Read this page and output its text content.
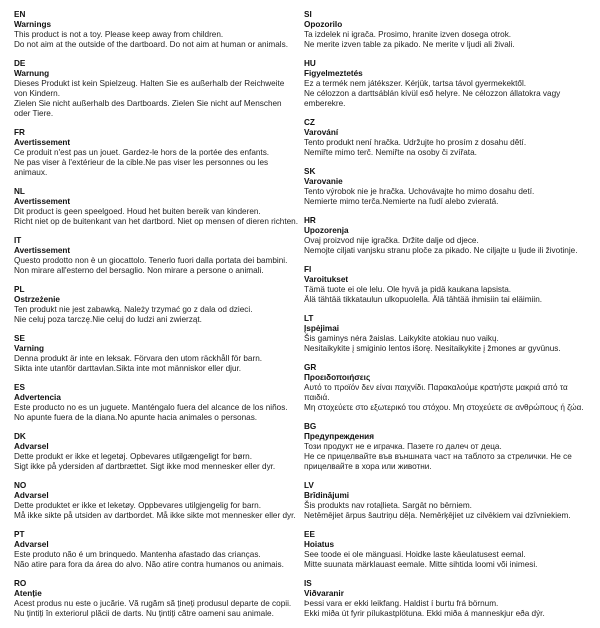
EN
Warnings
This product is not a toy. Please keep away from children.
Do not aim at the outside of the dartboard. Do not aim at human or animals.
DE
Warnung
Dieses Produkt ist kein Spielzeug. Halten Sie es außerhalb der Reichweite von Kindern.
Zielen Sie nicht außerhalb des Dartboards. Zielen Sie nicht auf Menschen oder Tiere.
FR
Avertissement
Ce produit n'est pas un jouet. Gardez-le hors de la portée des enfants.
Ne pas viser à l'extérieur de la cible.Ne pas viser les personnes ou les animaux.
NL
Avertissement
Dit product is geen speelgoed. Houd het buiten bereik van kinderen.
Richt niet op de buitenkant van het dartbord. Niet op mensen of dieren richten.
IT
Avertissement
Questo prodotto non è un giocattolo. Tenerlo fuori dalla portata dei bambini.
Non mirare all'esterno del bersaglio. Non mirare a persone o animali.
PL
Ostrzeżenie
Ten produkt nie jest zabawką. Należy trzymać go z dala od dzieci.
Nie celuj poza tarczę.Nie celuj do ludzi ani zwierząt.
SE
Varning
Denna produkt är inte en leksak. Förvara den utom räckhåll för barn.
Sikta inte utanför darttavlan.Sikta inte mot människor eller djur.
ES
Advertencia
Este producto no es un juguete. Manténgalo fuera del alcance de los niños.
No apunte fuera de la diana.No apunte hacia animales o personas.
DK
Advarsel
Dette produkt er ikke et legetøj. Opbevares utilgængeligt for børn.
Sigt ikke på ydersiden af dartbrættet. Sigt ikke mod mennesker eller dyr.
NO
Advarsel
Dette produktet er ikke et leketøy. Oppbevares utilgjengelig for barn.
Må ikke sikte på utsiden av dartbordet. Må ikke sikte mot mennesker eller dyr.
PT
Advarsel
Este produto não é um brinquedo. Mantenha afastado das crianças.
Não atire para fora da área do alvo. Não atire contra humanos ou animais.
RO
Atenție
Acest produs nu este o jucărie. Vă rugăm să țineți produsul departe de copii.
Nu țintiți în exteriorul plăcii de darts. Nu țintiți către oameni sau animale.
SI
Opozorilo
Ta izdelek ni igrača. Prosimo, hranite izven dosega otrok.
Ne merite izven table za pikado. Ne merite v ljudi ali živali.
HU
Figyelmeztetés
Ez a termék nem játékszer. Kérjük, tartsa távol gyermekektől.
Ne célozzon a darttsáblán kívül eső helyre. Ne célozzon állatokra vagy emberekre.
CZ
Varování
Tento produkt není hračka. Udržujte ho prosím z dosahu dětí.
Nemiřte mimo terč. Nemiřte na osoby či zvířata.
SK
Varovanie
Tento výrobok nie je hračka. Uchovávajte ho mimo dosahu detí.
Nemierte mimo terča.Nemierte na ľudí alebo zvieratá.
HR
Upozorenja
Ovaj proizvod nije igračka. Držite dalje od djece.
Nemojte ciljati vanjsku stranu ploče za pikado. Ne ciljajte u ljude ili životinje.
FI
Varoitukset
Tämä tuote ei ole lelu. Ole hyvä ja pidä kaukana lapsista.
Älä tähtää tikkataulun ulkopuolella. Älä tähtää ihmisiin tai eläimiin.
LT
Įspėjimai
Šis gaminys nėra žaislas. Laikykite atokiau nuo vaikų.
Nesitaikykite į smiginio lentos išorę. Nesitaikykite į žmones ar gyvūnus.
GR
Προειδοποιήσεις
Αυτό το προϊόν δεν είναι παιχνίδι. Παρακαλούμε κρατήστε μακριά από τα παιδιά.
Μη στοχεύετε στο εξωτερικό του στόχου. Μη στοχεύετε σε ανθρώπους ή ζώα.
BG
Предупреждения
Този продукт не е играчка. Пазете го далеч от деца.
Не се прицелвайте във външната част на таблото за стрелички. Не се прицелвайте в хора или животни.
LV
Brīdinājumi
Šis produkts nav rotaļlieta. Sargāt no bērniem.
Netēmējiet ārpus šautriņu dēļa. Nemērķējiet uz cilvēkiem vai dzīvniekiem.
EE
Hoiatus
See toode ei ole mänguasi. Hoidke laste käeulatusest eemal.
Mitte suunata märklauast eemale. Mitte sihtida loomi või inimesi.
IS
Viðvaranir
Þessi vara er ekki leikfang. Haldist í burtu frá börnum.
Ekki miða út fyrir pílukastplötuna. Ekki miða á manneskjur eða dýr.
